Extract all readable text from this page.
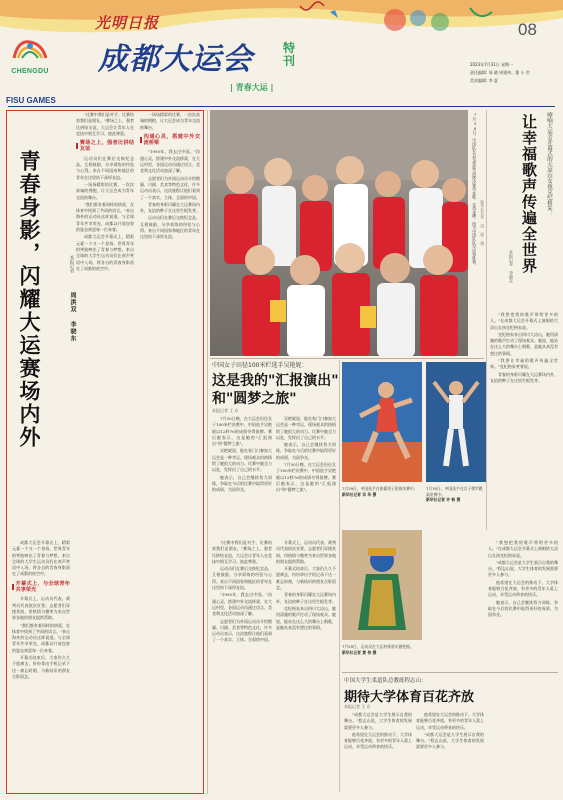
CHENGDU
FISU GAMES
光明日报
成都大运会	特刊
| 青春大运 |
08
2023年7月31日 星期一
责任编辑: 周 晓 周建伟、董 小 岸
美术编辑: 李 夏
青春身影，闪耀大运赛场内外	本报记者
周洪双 李晓东

成都大运会开幕式上，精彩元素一个又一个登场，世界青年的笑脸映出了青春与梦想。来自全球的大学生运动员们在欢声笑语中入场，将各自的青春身影留在了成都的夜空中。

开幕式上，与全球青年共享荣光

开幕式上，运动员代表、裁判员代表依次宣誓。志愿者们穿梭其间，用热情与微笑为来自世界各地的朋友提供帮助。

"我们都有着同样的热爱，在体育中找到了共同的语言。"来自海外的运动员这样说道。与全球青年共享荣光，成都以开放包容的姿态欢迎每一位来客。

开幕式结束后，大家仍久久不愿离去，纷纷拿出手机记录下这一难忘时刻，与新结识的朋友合影留念。

"比赛中我们是对手，比赛结束我们是朋友。"赛场之上，强者比拼结友谊，大运会让青年人在竞技中相互学习、彼此尊重。

赛场之上，强者比拼结友谊

运动员们在赛后交换纪念品，互相鼓励，分享训练的经验与心得。来自不同国家和地区的青年在这里结下深厚友谊。

一场场精彩的比赛，一次次真诚的拥抱，让大运会成为青年交流的舞台。

"我们都有着同样的热爱，在体育中找到了共同的语言。"来自海外的运动员这样说道。与全球青年共享荣光，成都以开放包容的姿态欢迎每一位来客。

成都大运会开幕式上，精彩元素一个又一个登场，世界青年的笑脸映出了青春与梦想。来自全球的大学生运动员们在欢声笑语中入场，将各自的青春身影留在了成都的夜空中。

一场场精彩的比赛，一次次真诚的拥抱，让大运会成为青年交流的舞台。

沟通心灵，搭建中外交流桥梁

"1995年，我去过中国。"沟通心灵，搭建中外交流桥梁，在大运村里，各国运动员通过语言、美食和文化活动加深了解。

志愿者们为外国运动员介绍熊猫、川剧、美食等特色文化，许多运动员表示，这次旅程让他们看到了一个真实、立体、全面的中国。

青春的身影闪耀在大运赛场内外，友谊的种子在这里生根发芽。

运动员们在赛后交换纪念品，互相鼓励，分享训练的经验与心得。来自不同国家和地区的青年在这里结下深厚友谊。	7月30日，中国队在羽毛球混合团体决赛中获胜，夺得金牌。图为中国队队员庆祝胜利。 新华社记者 胡 超 摄
嘹响大运会开幕式的大凉山女孩克纪格朱：
让幸福歌声传遍全世界
本报记者 李晓东

"我想把我的歌声带给更多的人。"在成都大运会开幕式上演唱的大凉山女孩克纪格朱说。

克纪格朱来自四川大凉山，她用清澈的歌声打动了现场观众。她说，能站在这么大的舞台上唱歌，是她从来没有想过的事情。

"我要让幸福的歌声传遍全世界。"克纪格朱笑着说。

青春的身影闪耀在大运赛场内外，友谊的种子在这里生根发芽。

中国女子田径100米栏选手吴艳妮：
这是我的"汇报演出"
和"圆梦之旅"
本报记者 王 京

7月30日晚，在大运会田径女子100米栏决赛中，中国选手吴艳妮以12秒76的成绩夺得银牌。赛后她表示，这是她的"汇报演出"和"圆梦之旅"。

吴艳妮说，能在家门口参加大运会是一种幸运，现场观众的热情给了她很大的动力。比赛中她全力以赴，发挥出了自己的水平。

她表示，自己会继续努力训练，争取在今后的比赛中取得更好的成绩，为国争光。

吴艳妮说，能在家门口参加大运会是一种幸运，现场观众的热情给了她很大的动力。比赛中她全力以赴，发挥出了自己的水平。

她表示，自己会继续努力训练，争取在今后的比赛中取得更好的成绩，为国争光。

7月30日晚，在大运会田径女子100米栏决赛中，中国选手吴艳妮以12秒76的成绩夺得银牌。赛后她表示，这是她的"汇报演出"和"圆梦之旅"。

"比赛中我们是对手，比赛结束我们是朋友。"赛场之上，强者比拼结友谊，大运会让青年人在竞技中相互学习、彼此尊重。

运动员们在赛后交换纪念品，互相鼓励，分享训练的经验与心得。来自不同国家和地区的青年在这里结下深厚友谊。

"1995年，我去过中国。"沟通心灵，搭建中外交流桥梁，在大运村里，各国运动员通过语言、美食和文化活动加深了解。

志愿者们为外国运动员介绍熊猫、川剧、美食等特色文化，许多运动员表示，这次旅程让他们看到了一个真实、立体、全面的中国。

开幕式上，运动员代表、裁判员代表依次宣誓。志愿者们穿梭其间，用热情与微笑为来自世界各地的朋友提供帮助。

开幕式结束后，大家仍久久不愿离去，纷纷拿出手机记录下这一难忘时刻，与新结识的朋友合影留念。

青春的身影闪耀在大运赛场内外，友谊的种子在这里生根发芽。

克纪格朱来自四川大凉山，她用清澈的歌声打动了现场观众。她说，能站在这么大的舞台上唱歌，是她从来没有想过的事情。

7月29日，中国选手在体操男子团体决赛中。
新华社记者 邓 华 摄
7月30日，中国选手在女子撑竿跳高决赛中。
新华社记者 许 畅 摄
7月29日，运动员在大运村体验川剧变脸。
新华社记者 黄 伟 摄
中国大学生柔道队总教练程志山：
期待大学体育百花齐放
本报记者 王 京

"成都大运会是大学生展示自我的舞台。"程志山说，大学生体育的发展需要更多人参与。

他希望在大运会的推动下，大学体育能够百花齐放，有更多的青年人爱上运动，享受运动带来的快乐。

他希望在大运会的推动下，大学体育能够百花齐放，有更多的青年人爱上运动，享受运动带来的快乐。

"成都大运会是大学生展示自我的舞台。"程志山说，大学生体育的发展需要更多人参与。

"我想把我的歌声带给更多的人。"在成都大运会开幕式上演唱的大凉山女孩克纪格朱说。

"成都大运会是大学生展示自我的舞台。"程志山说，大学生体育的发展需要更多人参与。

他希望在大运会的推动下，大学体育能够百花齐放，有更多的青年人爱上运动，享受运动带来的快乐。

她表示，自己会继续努力训练，争取在今后的比赛中取得更好的成绩，为国争光。
